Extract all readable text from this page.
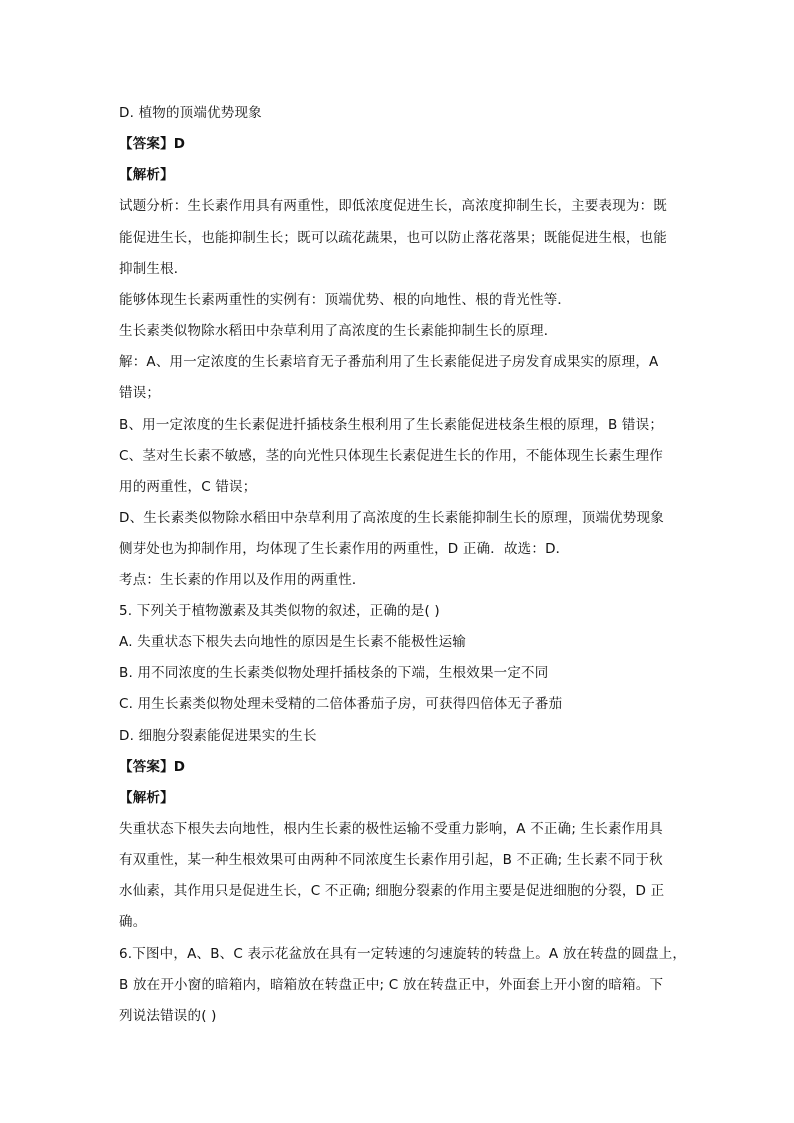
D. 植物的顶端优势现象
【答案】D
【解析】
试题分析：生长素作用具有两重性，即低浓度促进生长，高浓度抑制生长，主要表现为：既
能促进生长，也能抑制生长；既可以疏花蔬果，也可以防止落花落果；既能促进生根，也能
抑制生根．
能够体现生长素两重性的实例有：顶端优势、根的向地性、根的背光性等．
生长素类似物除水稻田中杂草利用了高浓度的生长素能抑制生长的原理．
解：A、用一定浓度的生长素培育无子番茄利用了生长素能促进子房发育成果实的原理，A
错误；
B、用一定浓度的生长素促进扦插枝条生根利用了生长素能促进枝条生根的原理，B 错误；
C、茎对生长素不敏感，茎的向光性只体现生长素促进生长的作用，不能体现生长素生理作
用的两重性，C 错误；
D、生长素类似物除水稻田中杂草利用了高浓度的生长素能抑制生长的原理，顶端优势现象
侧芽处也为抑制作用，均体现了生长素作用的两重性，D 正确．故选：D．
考点：生长素的作用以及作用的两重性．
5. 下列关于植物激素及其类似物的叙述，正确的是( )
A. 失重状态下根失去向地性的原因是生长素不能极性运输
B. 用不同浓度的生长素类似物处理扦插枝条的下端，生根效果一定不同
C. 用生长素类似物处理未受精的二倍体番茄子房，可获得四倍体无子番茄
D. 细胞分裂素能促进果实的生长
【答案】D
【解析】
失重状态下根失去向地性，根内生长素的极性运输不受重力影响，A 不正确; 生长素作用具
有双重性，某一种生根效果可由两种不同浓度生长素作用引起，B 不正确; 生长素不同于秋
水仙素，其作用只是促进生长，C 不正确; 细胞分裂素的作用主要是促进细胞的分裂，D 正
确。
6.下图中，A、B、C 表示花盆放在具有一定转速的匀速旋转的转盘上。A 放在转盘的圆盘上，
B 放在开小窗的暗箱内，暗箱放在转盘正中; C 放在转盘正中，外面套上开小窗的暗箱。下
列说法错误的( )
